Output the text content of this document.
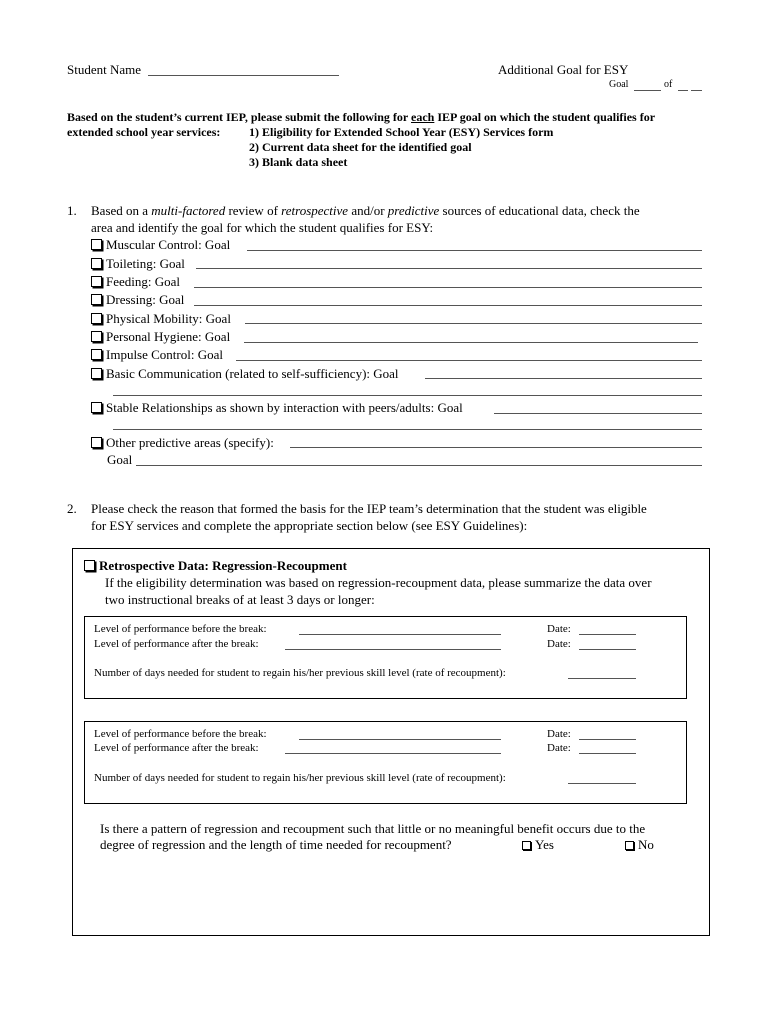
Student Name	Additional Goal for ESY
Goal	of
Based on the student’s current IEP, please submit the following for each IEP goal on which the student qualifies for
extended school year services: 1) Eligibility for Extended School Year (ESY) Services form
2) Current data sheet for the identified goal
3) Blank data sheet
1. Based on a multi-factored review of retrospective and/or predictive sources of educational data, check the
area and identify the goal for which the student qualifies for ESY:
Muscular Control: Goal
Toileting: Goal
Feeding: Goal
Dressing: Goal
Physical Mobility: Goal
Personal Hygiene: Goal
Impulse Control: Goal
Basic Communication (related to self-sufficiency): Goal
Stable Relationships as shown by interaction with peers/adults: Goal
Other predictive areas (specify):
Goal
2. Please check the reason that formed the basis for the IEP team’s determination that the student was eligible
for ESY services and complete the appropriate section below (see ESY Guidelines):
Retrospective Data: Regression-Recoupment
If the eligibility determination was based on regression-recoupment data, please summarize the data over
two instructional breaks of at least 3 days or longer:
Level of performance before the break:	Date:
Level of performance after the break:	Date:
Number of days needed for student to regain his/her previous skill level (rate of recoupment):
Level of performance before the break:	Date:
Level of performance after the break:	Date:
Number of days needed for student to regain his/her previous skill level (rate of recoupment):
Is there a pattern of regression and recoupment such that little or no meaningful benefit occurs due to the
degree of regression and the length of time needed for recoupment?	Yes	No
